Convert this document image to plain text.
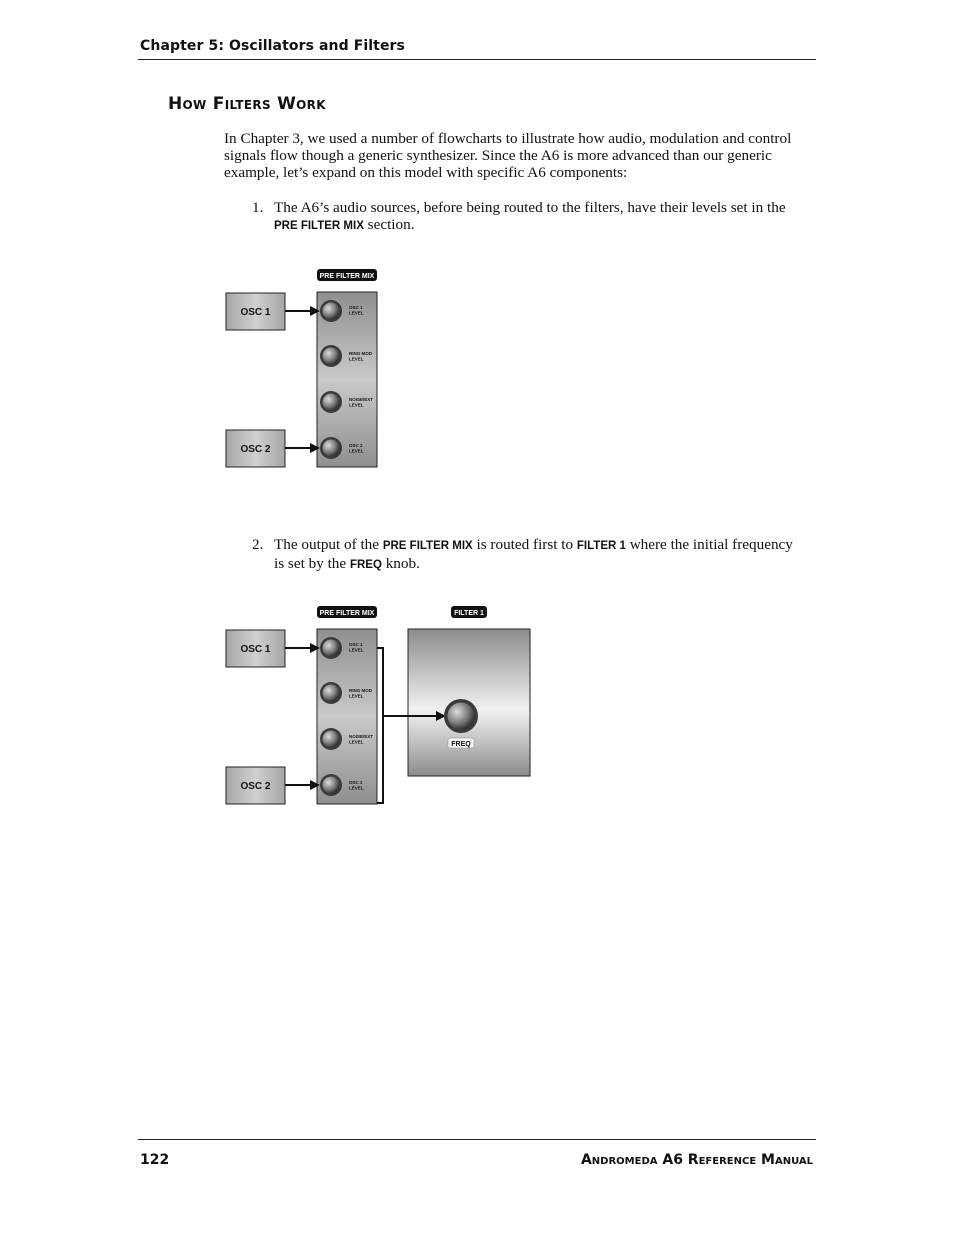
Chapter 5: Oscillators and Filters
How Filters Work

In Chapter 3, we used a number of flowcharts to illustrate how audio, modulation and control signals flow though a generic synthesizer. Since the A6 is more advanced than our generic example, let’s expand on this model with specific A6 components:

1. The A6’s audio sources, before being routed to the filters, have their levels set in the PRE FILTER MIX section.
PRE FILTER MIX
OSC 1
OSC 2
OSC 1
LEVEL
RING MOD
LEVEL
NOISE/EXT
LEVEL
OSC 2
LEVEL
2. The output of the PRE FILTER MIX is routed first to FILTER 1 where the initial frequency is set by the FREQ knob.
PRE FILTER MIX	FILTER 1
OSC 1
OSC 2
OSC 1
LEVEL
RING MOD
LEVEL
NOISE/EXT
LEVEL
OSC 2
LEVEL
FREQ
122	Andromeda A6 Reference Manual
